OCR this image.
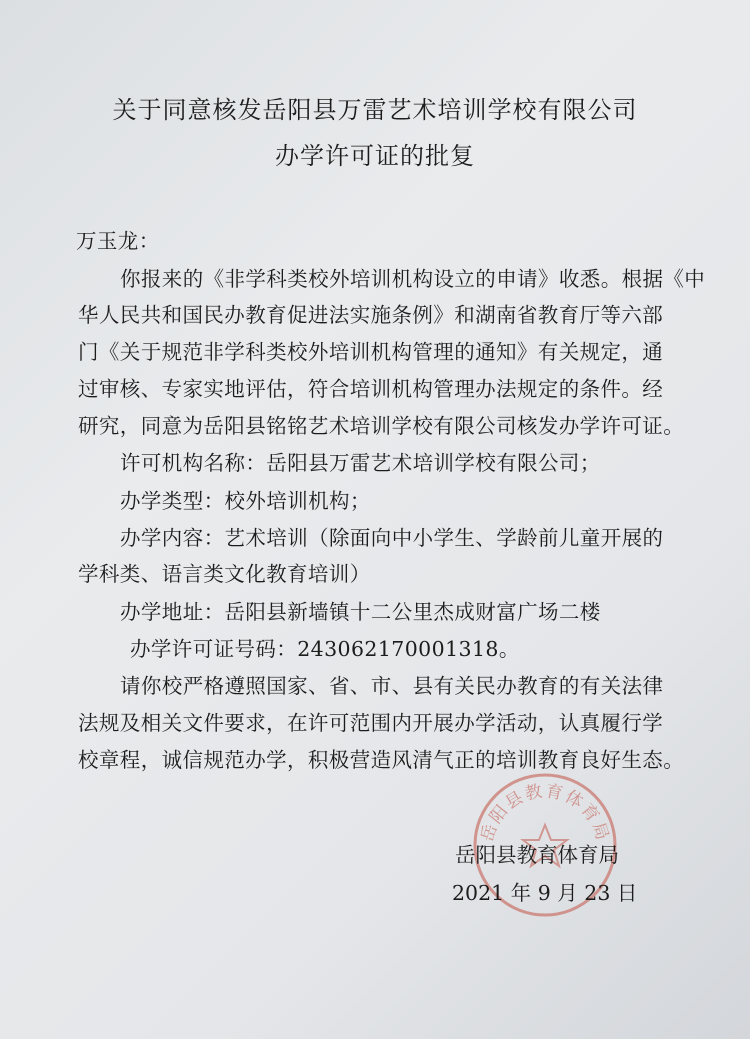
关于同意核发岳阳县万雷艺术培训学校有限公司
办学许可证的批复
万玉龙：
你报来的《非学科类校外培训机构设立的申请》收悉。根据《中
华人民共和国民办教育促进法实施条例》和湖南省教育厅等六部
门《关于规范非学科类校外培训机构管理的通知》有关规定，通
过审核、专家实地评估，符合培训机构管理办法规定的条件。经
研究，同意为岳阳县铭铭艺术培训学校有限公司核发办学许可证。
许可机构名称：岳阳县万雷艺术培训学校有限公司；
办学类型：校外培训机构；
办学内容：艺术培训（除面向中小学生、学龄前儿童开展的
学科类、语言类文化教育培训）
办学地址：岳阳县新墙镇十二公里杰成财富广场二楼
办学许可证号码：243062170001318。
请你校严格遵照国家、省、市、县有关民办教育的有关法律
法规及相关文件要求，在许可范围内开展办学活动，认真履行学
校章程，诚信规范办学，积极营造风清气正的培训教育良好生态。
岳阳县教育体育局
岳阳县教育体育局
2021 年 9 月 23 日
